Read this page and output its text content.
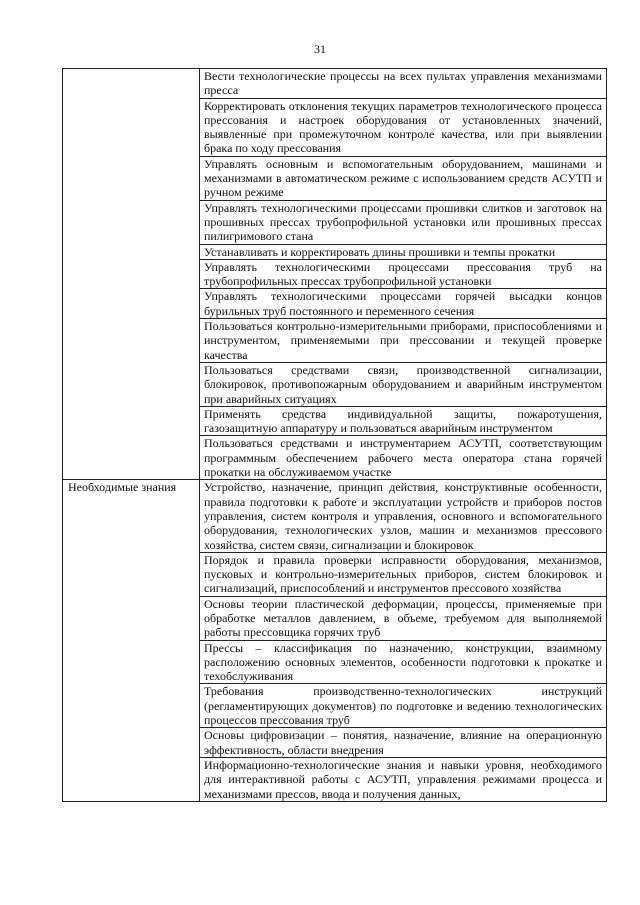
31
	Вести технологические процессы на всех пультах управления механизмами пресса
	Корректировать отклонения текущих параметров технологического процесса прессования и настроек оборудования от установленных значений, выявленные при промежуточном контроле качества, или при выявлении брака по ходу прессования
	Управлять основным и вспомогательным оборудованием, машинами и механизмами в автоматическом режиме с использованием средств АСУТП и ручном режиме
	Управлять технологическими процессами прошивки слитков и заготовок на прошивных прессах трубопрофильной установки или прошивных прессах пилигримового стана
	Устанавливать и корректировать длины прошивки и темпы прокатки
	Управлять технологическими процессами прессования труб на трубопрофильных прессах трубопрофильной установки
	Управлять технологическими процессами горячей высадки концов бурильных труб постоянного и переменного сечения
	Пользоваться контрольно-измерительными приборами, приспособлениями и инструментом, применяемыми при прессовании и текущей проверке качества
	Пользоваться средствами связи, производственной сигнализации, блокировок, противопожарным оборудованием и аварийным инструментом при аварийных ситуациях
	Применять средства индивидуальной защиты, пожаротушения, газозащитную аппаратуру и пользоваться аварийным инструментом
	Пользоваться средствами и инструментарием АСУТП, соответствующим программным обеспечением рабочего места оператора стана горячей прокатки на обслуживаемом участке
Необходимые знания	Устройство, назначение, принцип действия, конструктивные особенности, правила подготовки к работе и эксплуатации устройств и приборов постов управления, систем контроля и управления, основного и вспомогательного оборудования, технологических узлов, машин и механизмов прессового хозяйства, систем связи, сигнализации и блокировок
	Порядок и правила проверки исправности оборудования, механизмов, пусковых и контрольно-измерительных приборов, систем блокировок и сигнализаций, приспособлений и инструментов прессового хозяйства
	Основы теории пластической деформации, процессы, применяемые при обработке металлов давлением, в объеме, требуемом для выполняемой работы прессовщика горячих труб
	Прессы – классификация по назначению, конструкции, взаимному расположению основных элементов, особенности подготовки к прокатке и техобслуживания
	Требования производственно-технологических инструкций (регламентирующих документов) по подготовке и ведению технологических процессов прессования труб
	Основы цифровизации – понятия, назначение, влияние на операционную эффективность, области внедрения
	Информационно-технологические знания и навыки уровня, необходимого для интерактивной работы с АСУТП, управления режимами процесса и механизмами прессов, ввода и получения данных,
